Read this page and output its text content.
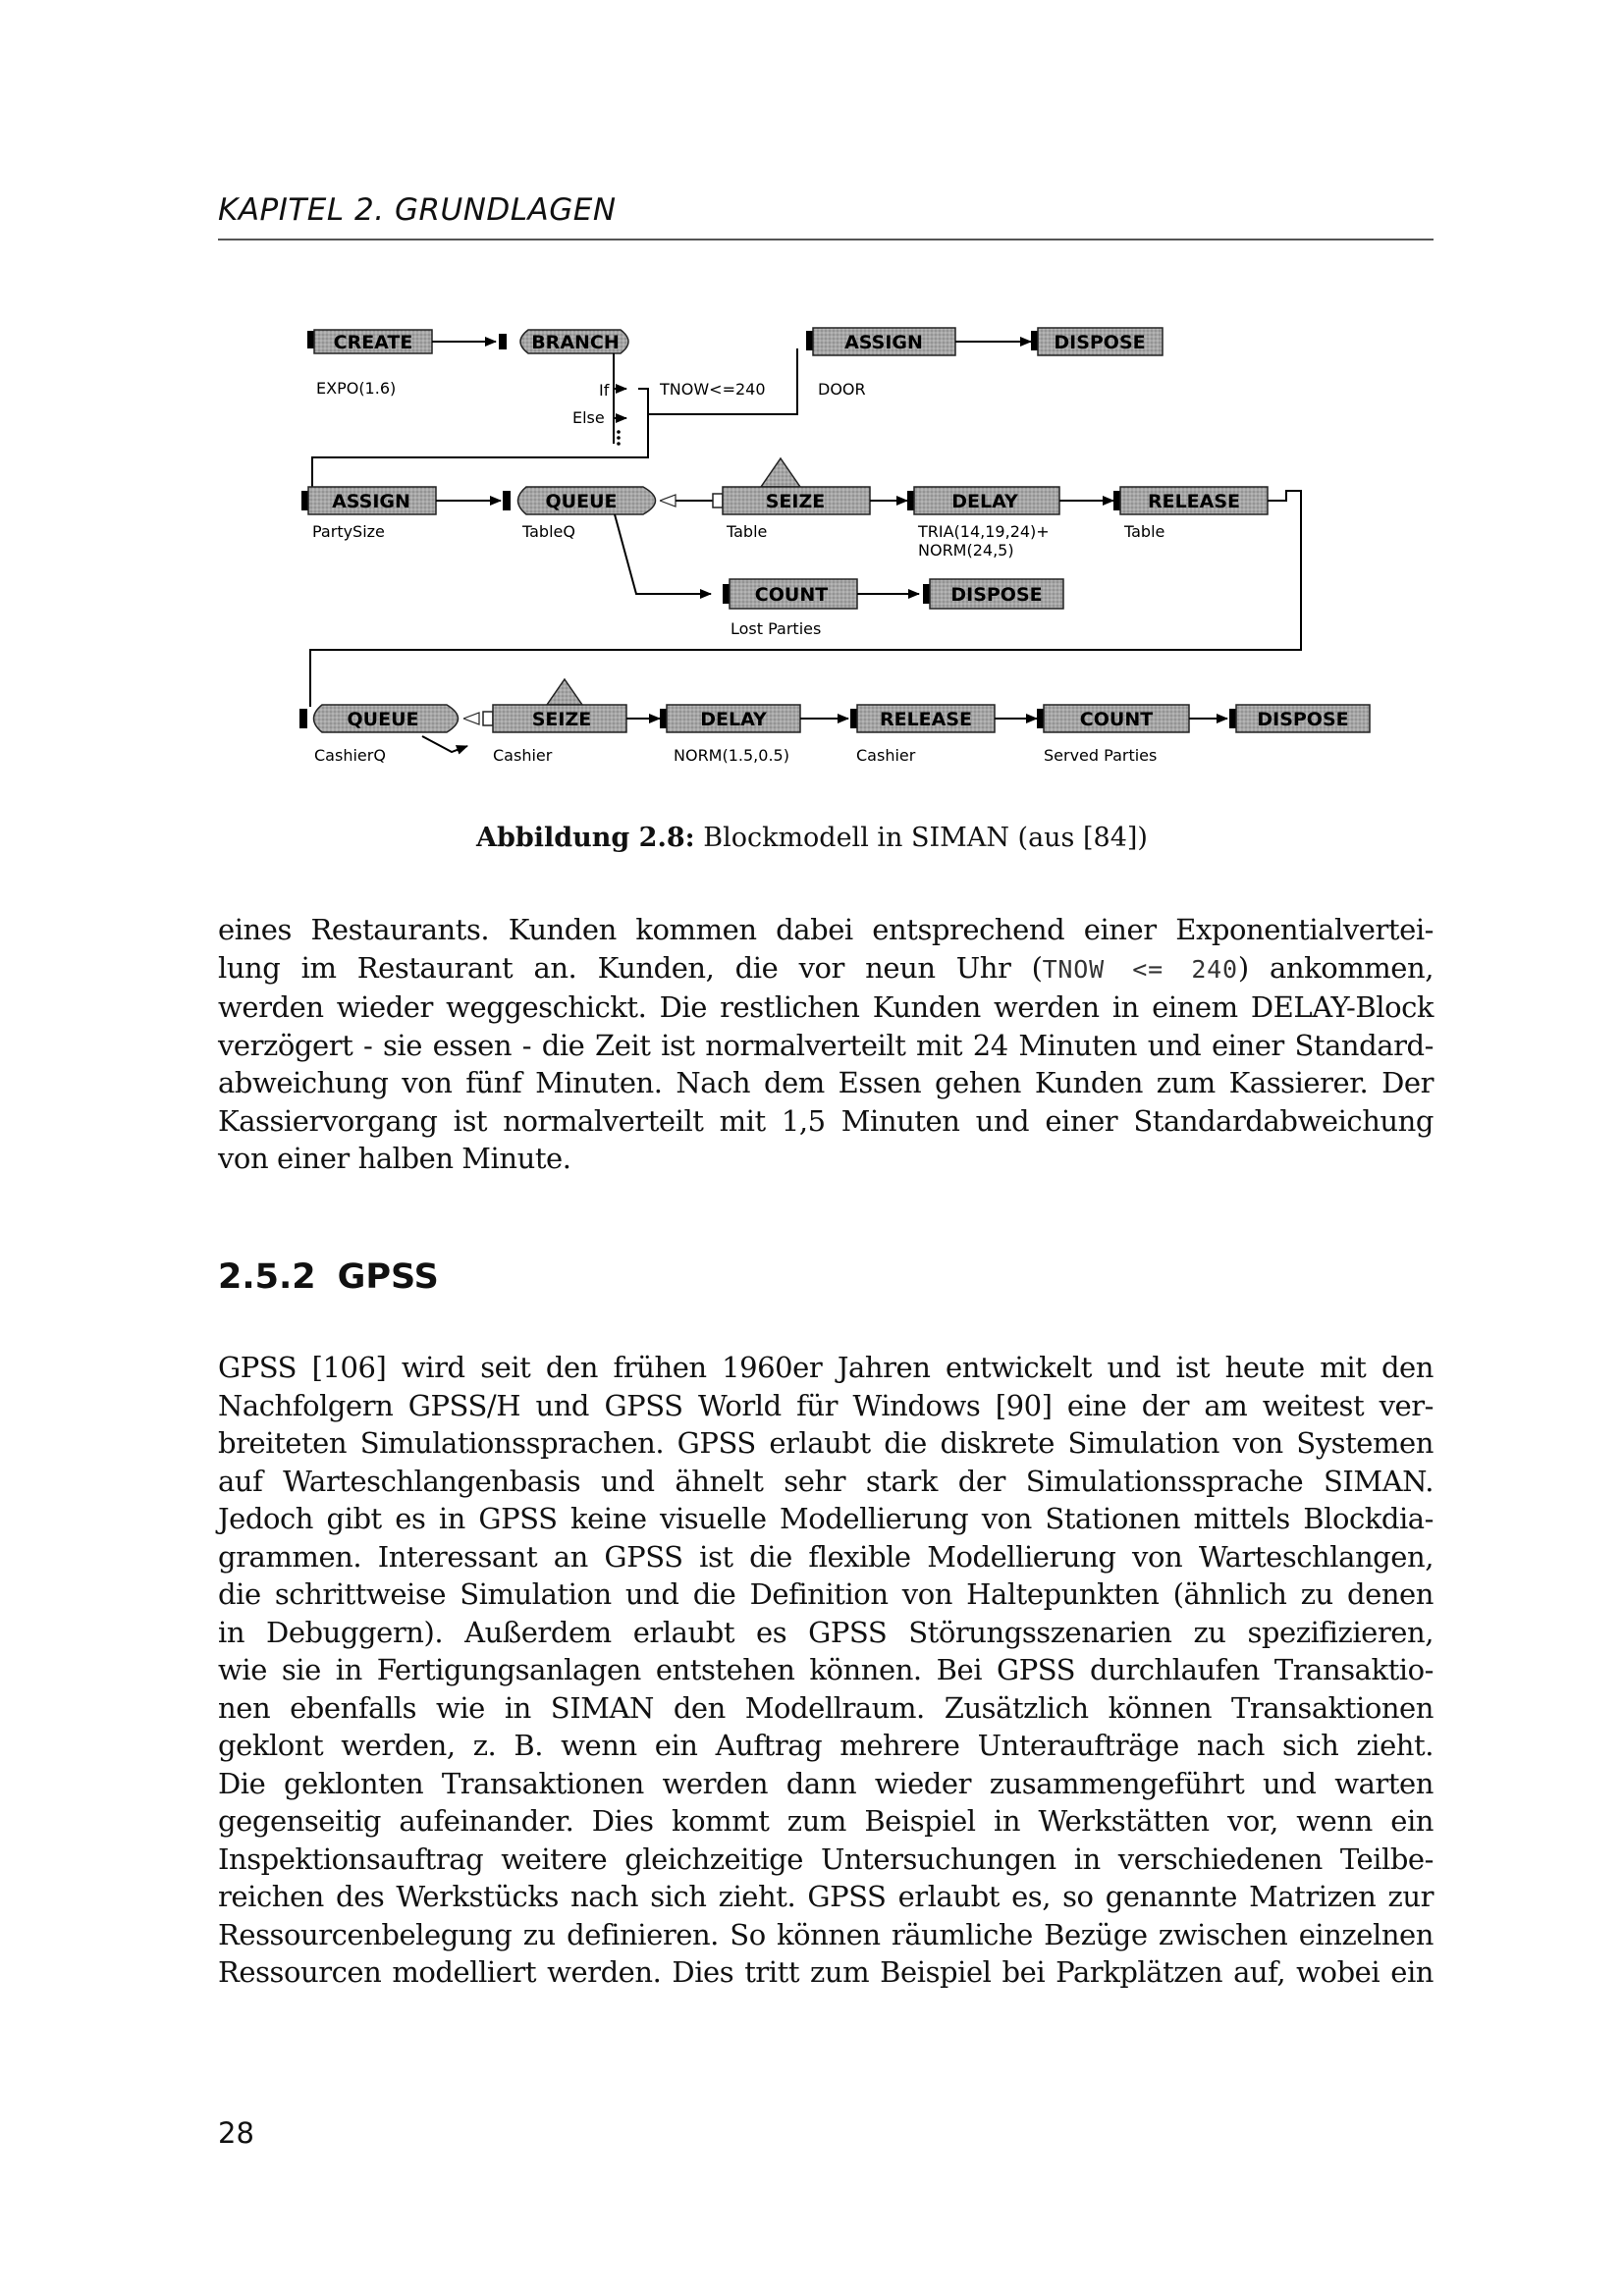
KAPITEL 2. GRUNDLAGEN
CREATE	BRANCH	ASSIGN	DISPOSE
EXPO(1.6)	If
Else
TNOW<=240	DOOR
ASSIGN	QUEUE	SEIZE	DELAY	RELEASE
PartySize	TableQ	Table	TRIA(14,19,24)+
NORM(24,5)
Table
COUNT	DISPOSE
Lost Parties
QUEUE	SEIZE	DELAY	RELEASE	COUNT	DISPOSE
CashierQ	Cashier	NORM(1.5,0.5)	Cashier	Served Parties
Abbildung 2.8: Blockmodell in SIMAN (aus [84])
eines Restaurants. Kunden kommen dabei entsprechend einer Exponentialvertei-
lung im Restaurant an. Kunden, die vor neun Uhr (TNOW <= 240) ankommen,
werden wieder weggeschickt. Die restlichen Kunden werden in einem DELAY-Block
verzögert - sie essen - die Zeit ist normalverteilt mit 24 Minuten und einer Standard-
abweichung von fünf Minuten. Nach dem Essen gehen Kunden zum Kassierer. Der
Kassiervorgang ist normalverteilt mit 1,5 Minuten und einer Standardabweichung
von einer halben Minute.
2.5.2 GPSS
GPSS [106] wird seit den frühen 1960er Jahren entwickelt und ist heute mit den
Nachfolgern GPSS/H und GPSS World für Windows [90] eine der am weitest ver-
breiteten Simulationssprachen. GPSS erlaubt die diskrete Simulation von Systemen
auf Warteschlangenbasis und ähnelt sehr stark der Simulationssprache SIMAN.
Jedoch gibt es in GPSS keine visuelle Modellierung von Stationen mittels Blockdia-
grammen. Interessant an GPSS ist die flexible Modellierung von Warteschlangen,
die schrittweise Simulation und die Definition von Haltepunkten (ähnlich zu denen
in Debuggern). Außerdem erlaubt es GPSS Störungsszenarien zu spezifizieren,
wie sie in Fertigungsanlagen entstehen können. Bei GPSS durchlaufen Transaktio-
nen ebenfalls wie in SIMAN den Modellraum. Zusätzlich können Transaktionen
geklont werden, z. B. wenn ein Auftrag mehrere Unteraufträge nach sich zieht.
Die geklonten Transaktionen werden dann wieder zusammengeführt und warten
gegenseitig aufeinander. Dies kommt zum Beispiel in Werkstätten vor, wenn ein
Inspektionsauftrag weitere gleichzeitige Untersuchungen in verschiedenen Teilbe-
reichen des Werkstücks nach sich zieht. GPSS erlaubt es, so genannte Matrizen zur
Ressourcenbelegung zu definieren. So können räumliche Bezüge zwischen einzelnen
Ressourcen modelliert werden. Dies tritt zum Beispiel bei Parkplätzen auf, wobei ein
28
